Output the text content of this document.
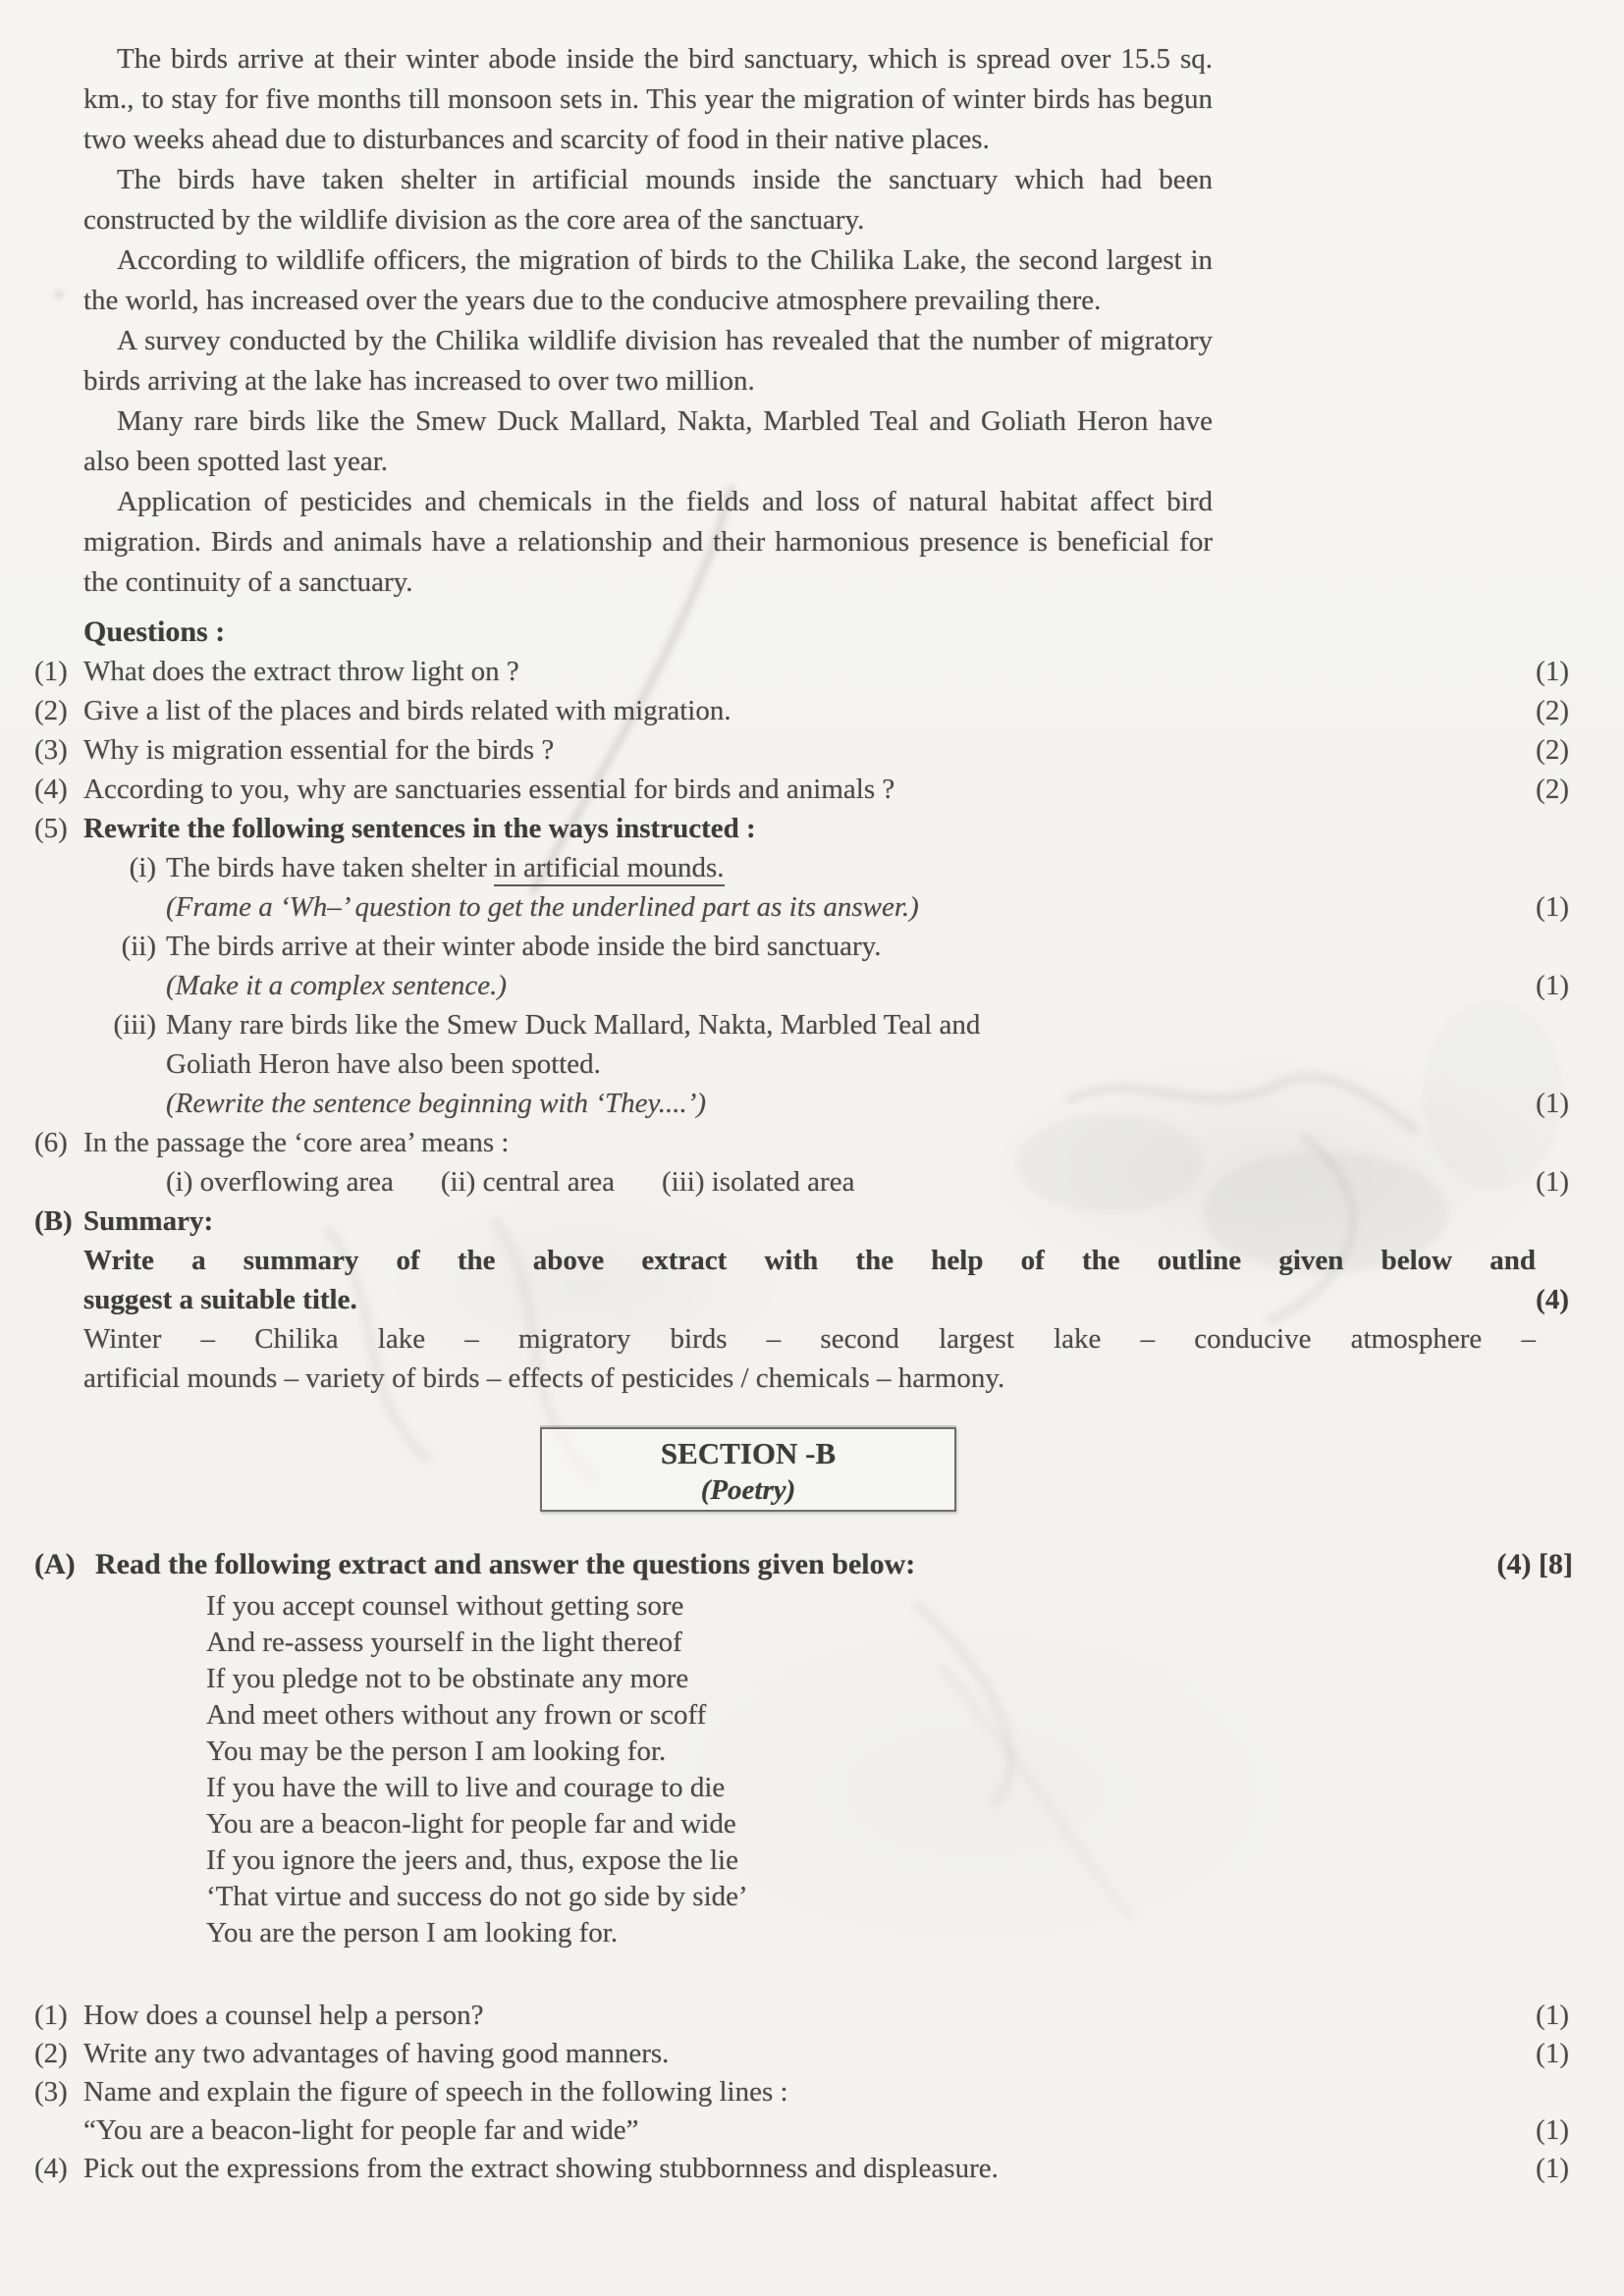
The birds arrive at their winter abode inside the bird sanctuary, which is spread over 15.5 sq. km., to stay for five months till monsoon sets in. This year the migration of winter birds has begun two weeks ahead due to disturbances and scarcity of food in their native places.

The birds have taken shelter in artificial mounds inside the sanctuary which had been constructed by the wildlife division as the core area of the sanctuary.

According to wildlife officers, the migration of birds to the Chilika Lake, the second largest in the world, has increased over the years due to the conducive atmosphere prevailing there.

A survey conducted by the Chilika wildlife division has revealed that the number of migratory birds arriving at the lake has increased to over two million.

Many rare birds like the Smew Duck Mallard, Nakta, Marbled Teal and Goliath Heron have also been spotted last year.

Application of pesticides and chemicals in the fields and loss of natural habitat affect bird migration. Birds and animals have a relationship and their harmonious presence is beneficial for the continuity of a sanctuary.

Questions :
(1) What does the extract throw light on ?	(1)
(2) Give a list of the places and birds related with migration.	(2)
(3) Why is migration essential for the birds ?	(2)
(4) According to you, why are sanctuaries essential for birds and animals ?	(2)
(5) Rewrite the following sentences in the ways instructed :
(i) The birds have taken shelter in artificial mounds.
(Frame a ‘Wh–’ question to get the underlined part as its answer.)	(1)
(ii) The birds arrive at their winter abode inside the bird sanctuary.
(Make it a complex sentence.)	(1)
(iii) Many rare birds like the Smew Duck Mallard, Nakta, Marbled Teal and Goliath Heron have also been spotted.
(Rewrite the sentence beginning with ‘They....’)	(1)
(6) In the passage the ‘core area’ means :
(i) overflowing area (ii) central area (iii) isolated area	(1)
(B) Summary:
Write a summary of the above extract with the help of the outline given below and
suggest a suitable title.	(4)
Winter – Chilika lake – migratory birds – second largest lake – conducive atmosphere –
artificial mounds – variety of birds – effects of pesticides / chemicals – harmony.
SECTION -B
(Poetry)
(A) Read the following extract and answer the questions given below:	(4) [8]
If you accept counsel without getting sore
And re-assess yourself in the light thereof
If you pledge not to be obstinate any more
And meet others without any frown or scoff
You may be the person I am looking for.
If you have the will to live and courage to die
You are a beacon-light for people far and wide
If you ignore the jeers and, thus, expose the lie
‘That virtue and success do not go side by side’
You are the person I am looking for.
(1) How does a counsel help a person?	(1)
(2) Write any two advantages of having good manners.	(1)
(3) Name and explain the figure of speech in the following lines :
“You are a beacon-light for people far and wide”	(1)
(4) Pick out the expressions from the extract showing stubbornness and displeasure.	(1)
